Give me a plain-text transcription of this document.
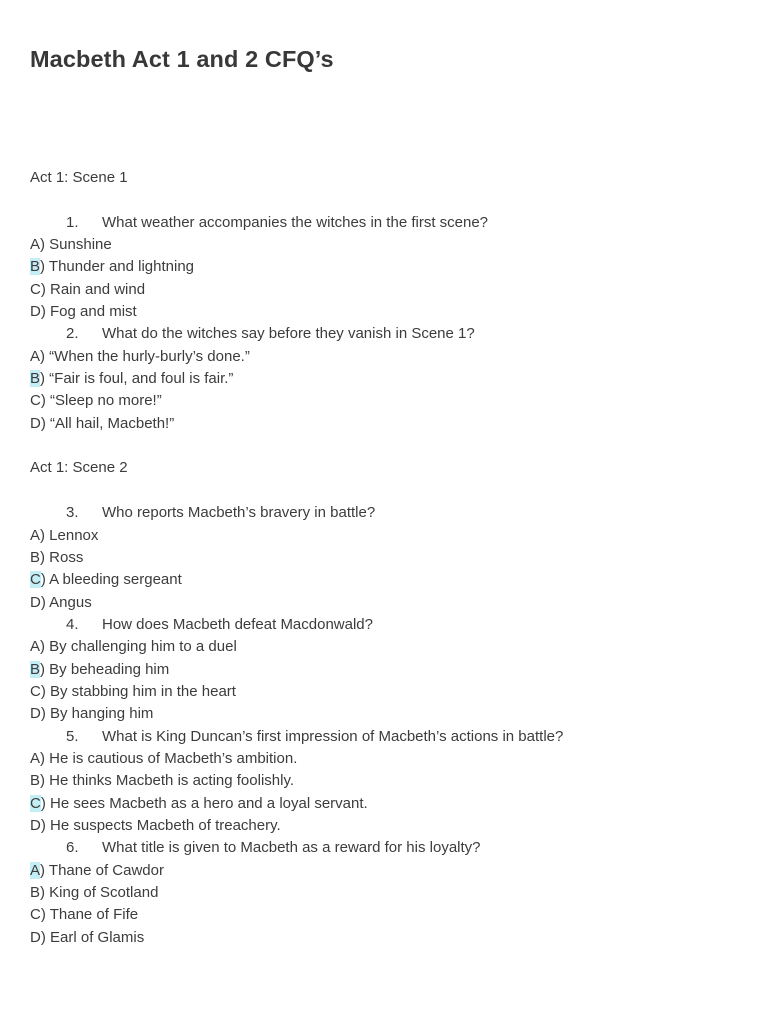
Macbeth Act 1 and 2 CFQ’s
Act 1: Scene 1
1. What weather accompanies the witches in the first scene?
A) Sunshine
B) Thunder and lightning
C) Rain and wind
D) Fog and mist
2. What do the witches say before they vanish in Scene 1?
A) “When the hurly-burly’s done.”
B) “Fair is foul, and foul is fair.”
C) “Sleep no more!”
D) “All hail, Macbeth!”
Act 1: Scene 2
3. Who reports Macbeth’s bravery in battle?
A) Lennox
B) Ross
C) A bleeding sergeant
D) Angus
4. How does Macbeth defeat Macdonwald?
A) By challenging him to a duel
B) By beheading him
C) By stabbing him in the heart
D) By hanging him
5. What is King Duncan’s first impression of Macbeth’s actions in battle?
A) He is cautious of Macbeth’s ambition.
B) He thinks Macbeth is acting foolishly.
C) He sees Macbeth as a hero and a loyal servant.
D) He suspects Macbeth of treachery.
6. What title is given to Macbeth as a reward for his loyalty?
A) Thane of Cawdor
B) King of Scotland
C) Thane of Fife
D) Earl of Glamis
